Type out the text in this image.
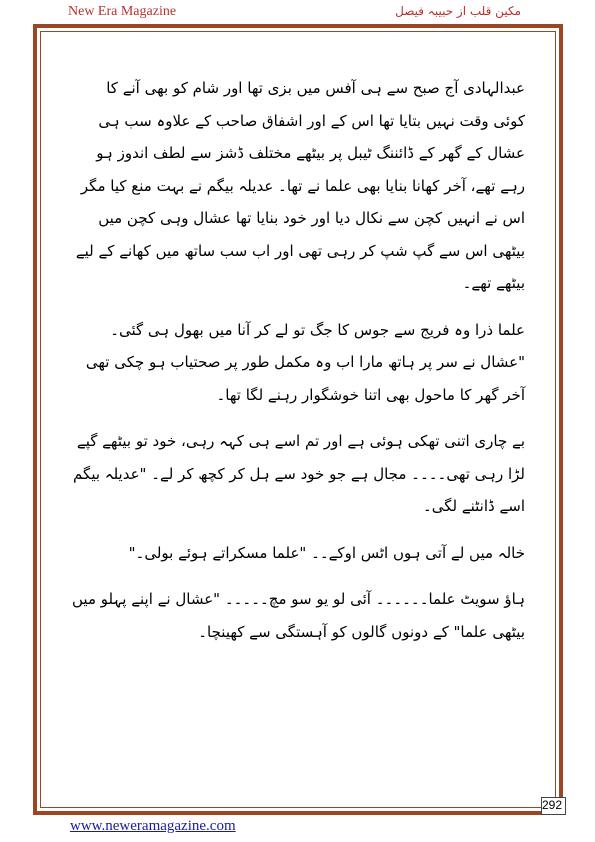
New Era Magazine	مکین قلب از حبیبہ فیصل

عبدالہادی آج صبح سے ہی آفس میں بزی تھا اور شام کو بھی آنے کا کوئی وقت نہیں بتایا تھا اس کے اور اشفاق صاحب کے علاوہ سب ہی عشال کے گھر کے ڈائننگ ٹیبل پر بیٹھے مختلف ڈشز سے لطف اندوز ہو رہے تھے، آخر کھانا بنایا بھی علما نے تھا۔ عدیلہ بیگم نے بہت منع کیا مگر اس نے انہیں کچن سے نکال دیا اور خود بنایا تھا عشال وہی کچن میں بیٹھی اس سے گپ شپ کر رہی تھی اور اب سب ساتھ میں کھانے کے لیے بیٹھے تھے۔

علما ذرا وہ فریج سے جوس کا جگ تو لے کر آنا میں بھول ہی گئی۔ "عشال نے سر پر ہاتھ مارا اب وہ مکمل طور پر صحتیاب ہو چکی تھی آخر گھر کا ماحول بھی اتنا خوشگوار رہنے لگا تھا۔

بے چاری اتنی تھکی ہوئی ہے اور تم اسے ہی کہہ رہی، خود تو بیٹھے گپے لڑا رہی تھی۔۔۔۔ مجال ہے جو خود سے ہل کر کچھ کر لے۔ "عدیلہ بیگم اسے ڈانٹنے لگی۔

خالہ میں لے آتی ہوں اٹس اوکے۔۔ "علما مسکراتے ہوئے بولی۔"

ہاؤ سویٹ علما۔۔۔۔۔۔ آئی لو یو سو مچ۔۔۔۔۔ "عشال نے اپنے پہلو میں بیٹھی علما" کے دونوں گالوں کو آہستگی سے کھینچا۔

292
www.neweramagazine.com
